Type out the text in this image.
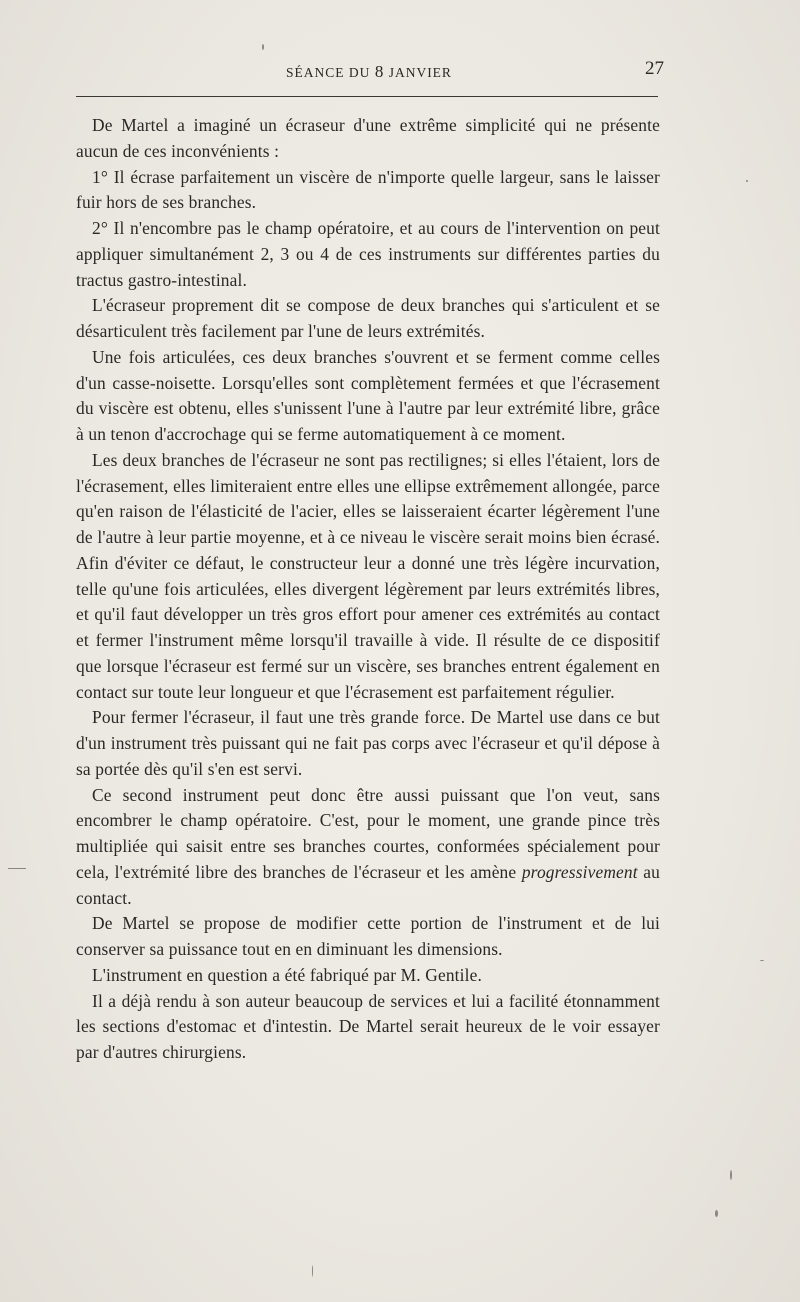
SÉANCE DU 8 JANVIER	27

De Martel a imaginé un écraseur d'une extrême simplicité qui ne présente aucun de ces inconvénients :

1° Il écrase parfaitement un viscère de n'importe quelle largeur, sans le laisser fuir hors de ses branches.

2° Il n'encombre pas le champ opératoire, et au cours de l'intervention on peut appliquer simultanément 2, 3 ou 4 de ces instruments sur différentes parties du tractus gastro-intestinal.

L'écraseur proprement dit se compose de deux branches qui s'articulent et se désarticulent très facilement par l'une de leurs extrémités.

Une fois articulées, ces deux branches s'ouvrent et se ferment comme celles d'un casse-noisette. Lorsqu'elles sont complètement fermées et que l'écrasement du viscère est obtenu, elles s'unissent l'une à l'autre par leur extrémité libre, grâce à un tenon d'accrochage qui se ferme automatiquement à ce moment.

Les deux branches de l'écraseur ne sont pas rectilignes; si elles l'étaient, lors de l'écrasement, elles limiteraient entre elles une ellipse extrêmement allongée, parce qu'en raison de l'élasticité de l'acier, elles se laisseraient écarter légèrement l'une de l'autre à leur partie moyenne, et à ce niveau le viscère serait moins bien écrasé. Afin d'éviter ce défaut, le constructeur leur a donné une très légère incurvation, telle qu'une fois articulées, elles divergent légèrement par leurs extrémités libres, et qu'il faut développer un très gros effort pour amener ces extrémités au contact et fermer l'instrument même lorsqu'il travaille à vide. Il résulte de ce dispositif que lorsque l'écraseur est fermé sur un viscère, ses branches entrent également en contact sur toute leur longueur et que l'écrasement est parfaitement régulier.

Pour fermer l'écraseur, il faut une très grande force. De Martel use dans ce but d'un instrument très puissant qui ne fait pas corps avec l'écraseur et qu'il dépose à sa portée dès qu'il s'en est servi.

Ce second instrument peut donc être aussi puissant que l'on veut, sans encombrer le champ opératoire. C'est, pour le moment, une grande pince très multipliée qui saisit entre ses branches courtes, conformées spécialement pour cela, l'extrémité libre des branches de l'écraseur et les amène progressivement au contact.

De Martel se propose de modifier cette portion de l'instrument et de lui conserver sa puissance tout en en diminuant les dimensions.

L'instrument en question a été fabriqué par M. Gentile.

Il a déjà rendu à son auteur beaucoup de services et lui a facilité étonnamment les sections d'estomac et d'intestin. De Martel serait heureux de le voir essayer par d'autres chirurgiens.
